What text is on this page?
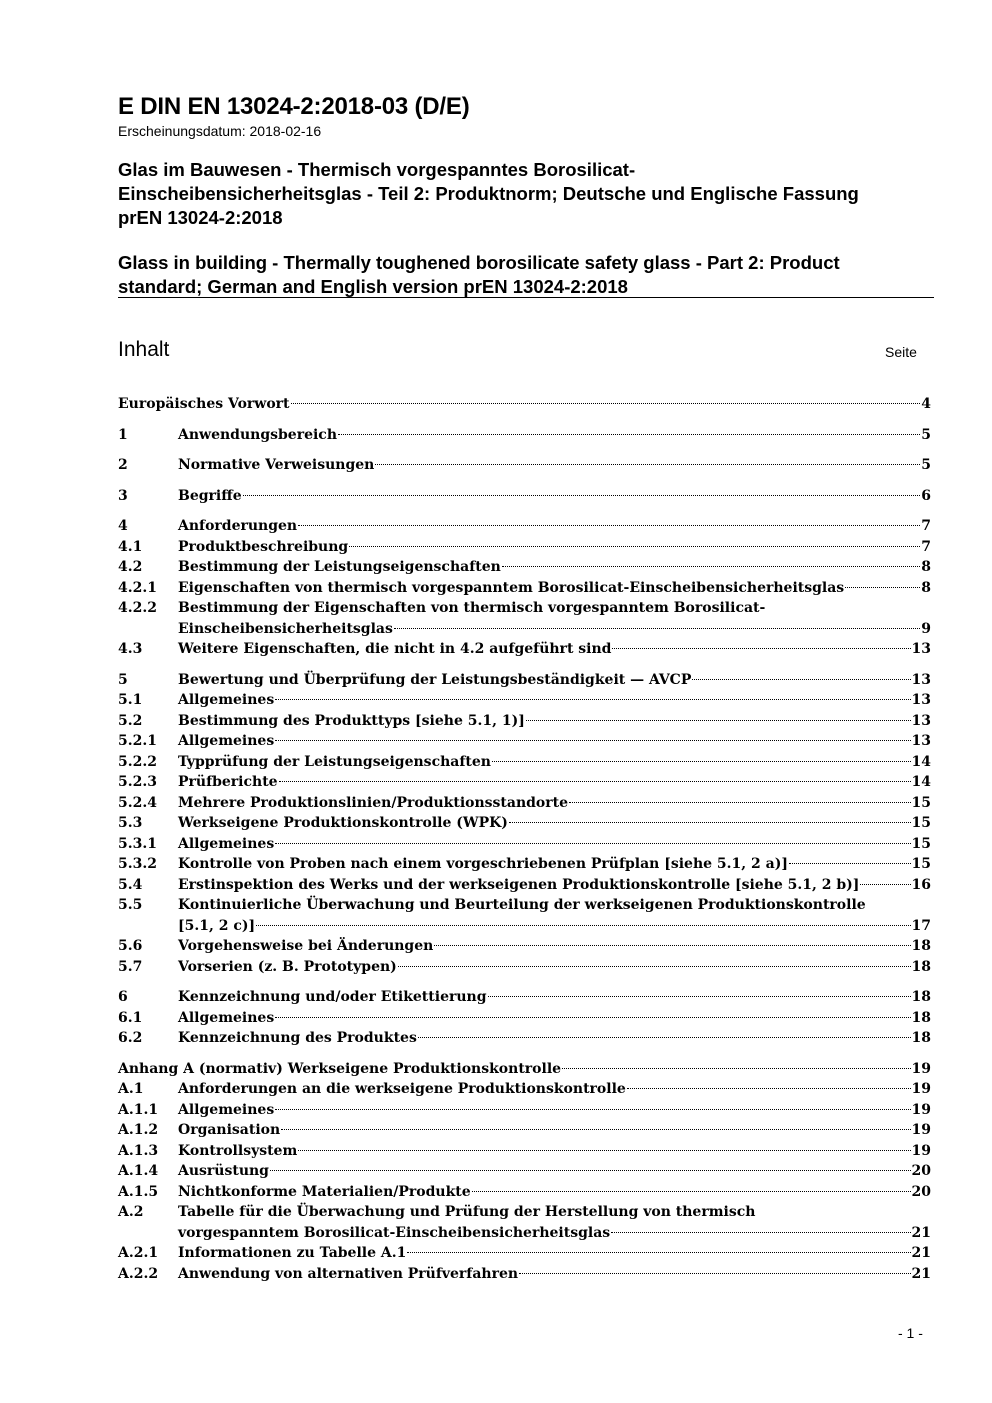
E DIN EN 13024-2:2018-03 (D/E)
Erscheinungsdatum: 2018-02-16
Glas im Bauwesen - Thermisch vorgespanntes Borosilicat-
Einscheibensicherheitsglas - Teil 2: Produktnorm; Deutsche und Englische Fassung
prEN 13024-2:2018
Glass in building - Thermally toughened borosilicate safety glass - Part 2: Product
standard; German and English version prEN 13024-2:2018
Inhalt	Seite
Europäisches Vorwort	4
1	Anwendungsbereich	5
2	Normative Verweisungen	5
3	Begriffe	6
4	Anforderungen	7
4.1	Produktbeschreibung	7
4.2	Bestimmung der Leistungseigenschaften	8
4.2.1	Eigenschaften von thermisch vorgespanntem Borosilicat-Einscheibensicherheitsglas	8
4.2.2	Bestimmung der Eigenschaften von thermisch vorgespanntem Borosilicat-
Einscheibensicherheitsglas	9
4.3	Weitere Eigenschaften, die nicht in 4.2 aufgeführt sind	13
5	Bewertung und Überprüfung der Leistungsbeständigkeit — AVCP	13
5.1	Allgemeines	13
5.2	Bestimmung des Produkttyps [siehe 5.1, 1)]	13
5.2.1	Allgemeines	13
5.2.2	Typprüfung der Leistungseigenschaften	14
5.2.3	Prüfberichte	14
5.2.4	Mehrere Produktionslinien/Produktionsstandorte	15
5.3	Werkseigene Produktionskontrolle (WPK)	15
5.3.1	Allgemeines	15
5.3.2	Kontrolle von Proben nach einem vorgeschriebenen Prüfplan [siehe 5.1, 2 a)]	15
5.4	Erstinspektion des Werks und der werkseigenen Produktionskontrolle [siehe 5.1, 2 b)]	16
5.5	Kontinuierliche Überwachung und Beurteilung der werkseigenen Produktionskontrolle
[5.1, 2 c)]	17
5.6	Vorgehensweise bei Änderungen	18
5.7	Vorserien (z. B. Prototypen)	18
6	Kennzeichnung und/oder Etikettierung	18
6.1	Allgemeines	18
6.2	Kennzeichnung des Produktes	18
Anhang A (normativ) Werkseigene Produktionskontrolle	19
A.1	Anforderungen an die werkseigene Produktionskontrolle	19
A.1.1	Allgemeines	19
A.1.2	Organisation	19
A.1.3	Kontrollsystem	19
A.1.4	Ausrüstung	20
A.1.5	Nichtkonforme Materialien/Produkte	20
A.2	Tabelle für die Überwachung und Prüfung der Herstellung von thermisch
vorgespanntem Borosilicat-Einscheibensicherheitsglas	21
A.2.1	Informationen zu Tabelle A.1	21
A.2.2	Anwendung von alternativen Prüfverfahren	21
- 1 -
